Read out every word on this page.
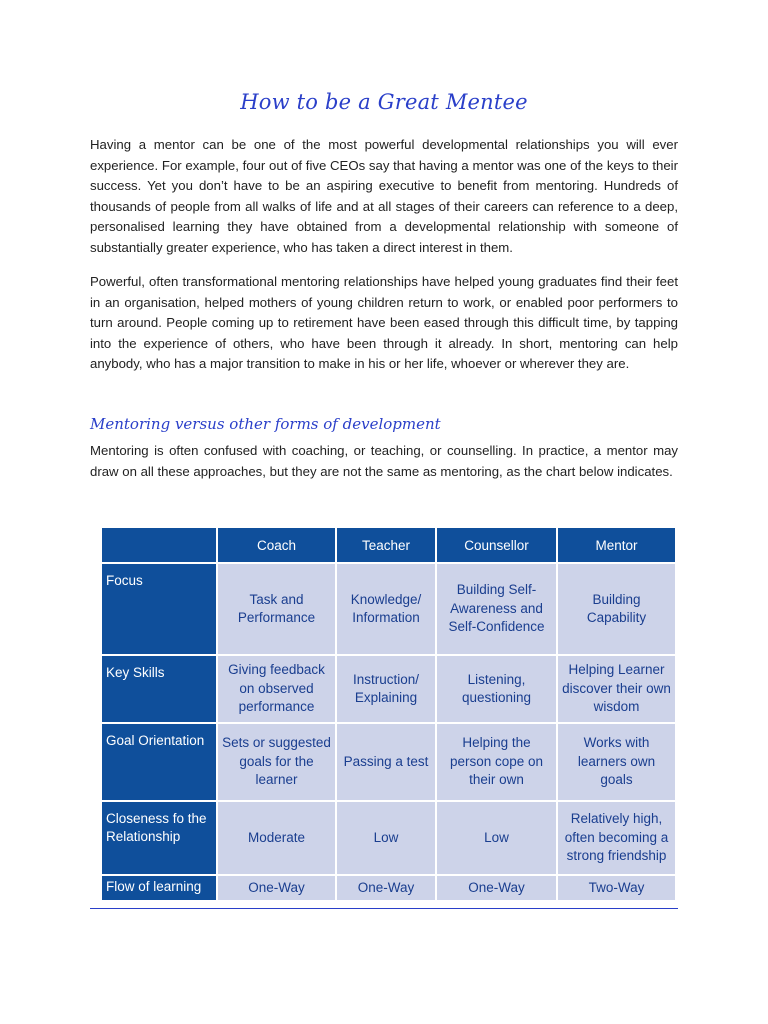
How to be a Great Mentee

Having a mentor can be one of the most powerful developmental relationships you will ever experience. For example, four out of five CEOs say that having a mentor was one of the keys to their success. Yet you don’t have to be an aspiring executive to benefit from mentoring. Hundreds of thousands of people from all walks of life and at all stages of their careers can reference to a deep, personalised learning they have obtained from a developmental relationship with someone of substantially greater experience, who has taken a direct interest in them.

Powerful, often transformational mentoring relationships have helped young graduates find their feet in an organisation, helped mothers of young children return to work, or enabled poor performers to turn around. People coming up to retirement have been eased through this difficult time, by tapping into the experience of others, who have been through it already. In short, mentoring can help anybody, who has a major transition to make in his or her life, whoever or wherever they are.

Mentoring versus other forms of development

Mentoring is often confused with coaching, or teaching, or counselling. In practice, a mentor may draw on all these approaches, but they are not the same as mentoring, as the chart below indicates.

	Coach	Teacher	Counsellor	Mentor
Focus	Task and Performance	Knowledge/ Information	Building Self-Awareness and Self-Confidence	Building Capability
Key Skills	Giving feedback on observed performance	Instruction/ Explaining	Listening, questioning	Helping Learner discover their own wisdom
Goal Orientation	Sets or suggested goals for the learner	Passing a test	Helping the person cope on their own	Works with learners own goals
Closeness fo the Relationship	Moderate	Low	Low	Relatively high, often becoming a strong friendship
Flow of learning	One-Way	One-Way	One-Way	Two-Way
